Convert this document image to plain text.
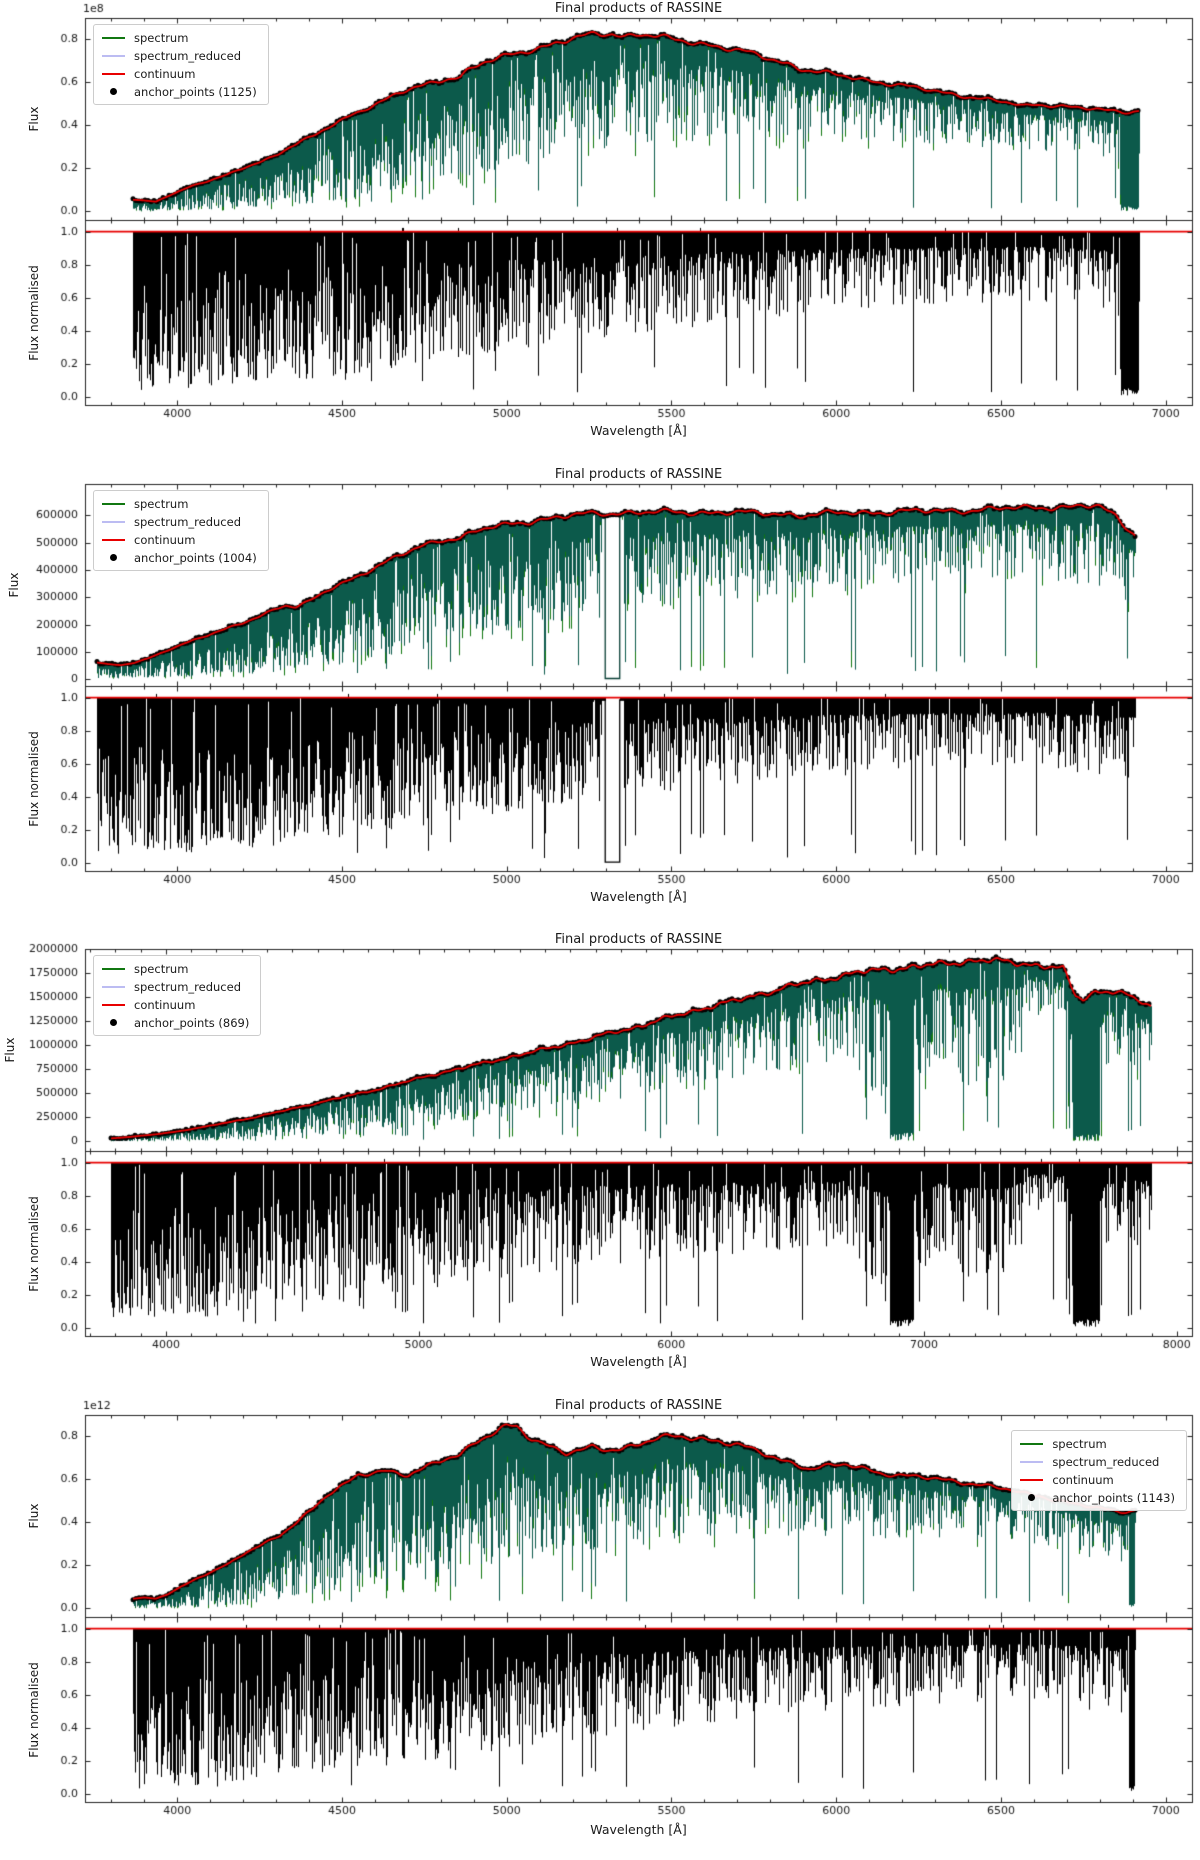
Final products of RASSINE
Final products of RASSINE
Final products of RASSINE
Final products of RASSINE
Flux
Flux normalised
Flux
Flux normalised
Flux
Flux normalised
Flux
Flux normalised
Wavelength [Å]
Wavelength [Å]
Wavelength [Å]
Wavelength [Å]
spectrum
spectrum_reduced
continuum
anchor_points (1125)
spectrum
spectrum_reduced
continuum
anchor_points (1004)
spectrum
spectrum_reduced
continuum
anchor_points (869)
spectrum
spectrum_reduced
continuum
anchor_points (1143)
